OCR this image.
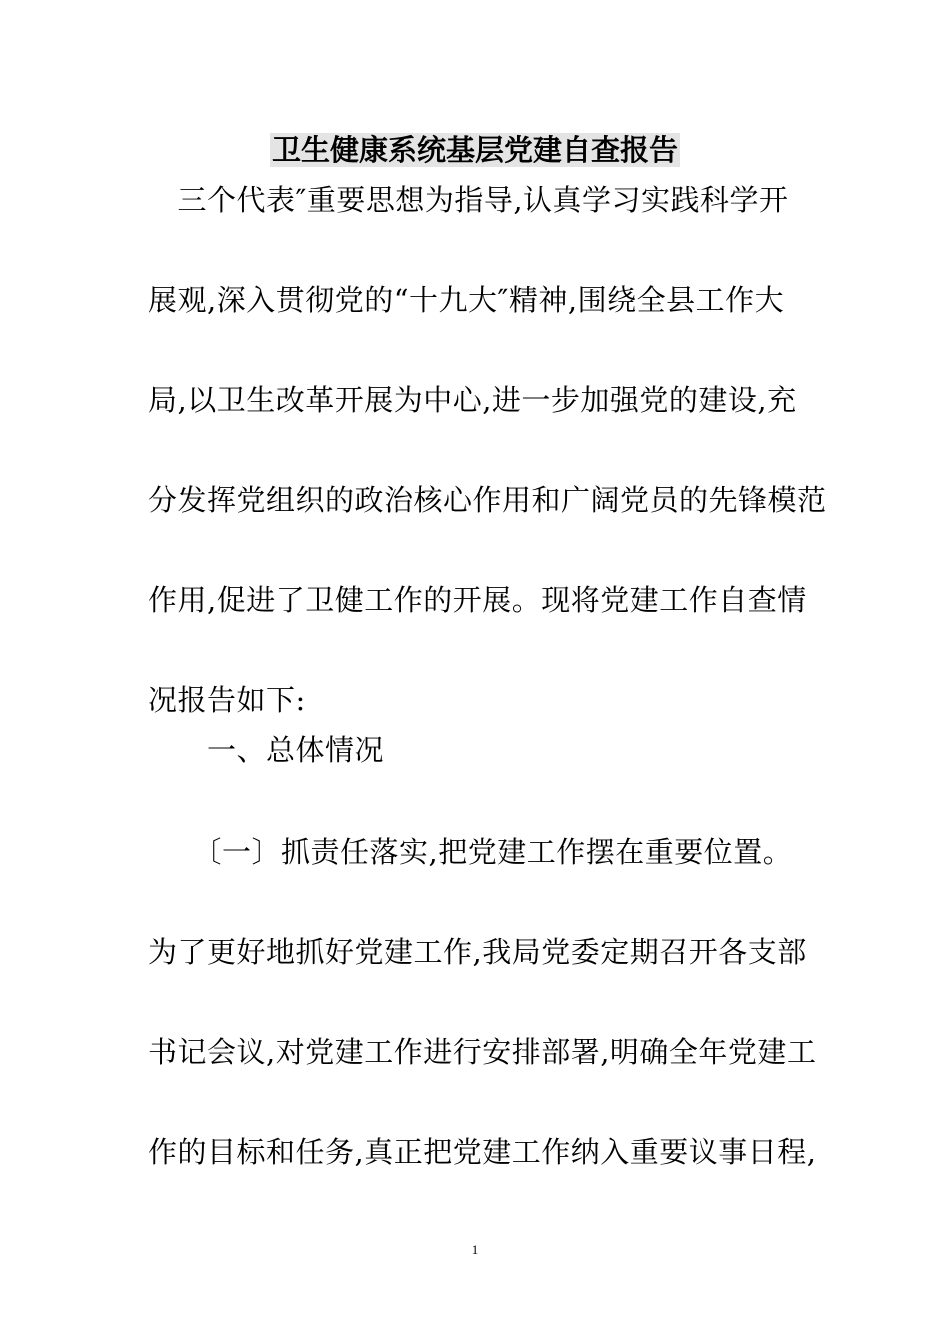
卫生健康系统基层党建自查报告
　三个代表″重要思想为指导,认真学习实践科学开
展观,深入贯彻党的“十九大″精神,围绕全县工作大
局,以卫生改革开展为中心,进一步加强党的建设,充
分发挥党组织的政治核心作用和广阔党员的先锋模范
作用,促进了卫健工作的开展。现将党建工作自查情
况报告如下:
　　一、总体情况
　　〔一〕抓责任落实,把党建工作摆在重要位置。
为了更好地抓好党建工作,我局党委定期召开各支部
书记会议,对党建工作进行安排部署,明确全年党建工
作的目标和任务,真正把党建工作纳入重要议事日程,
1
